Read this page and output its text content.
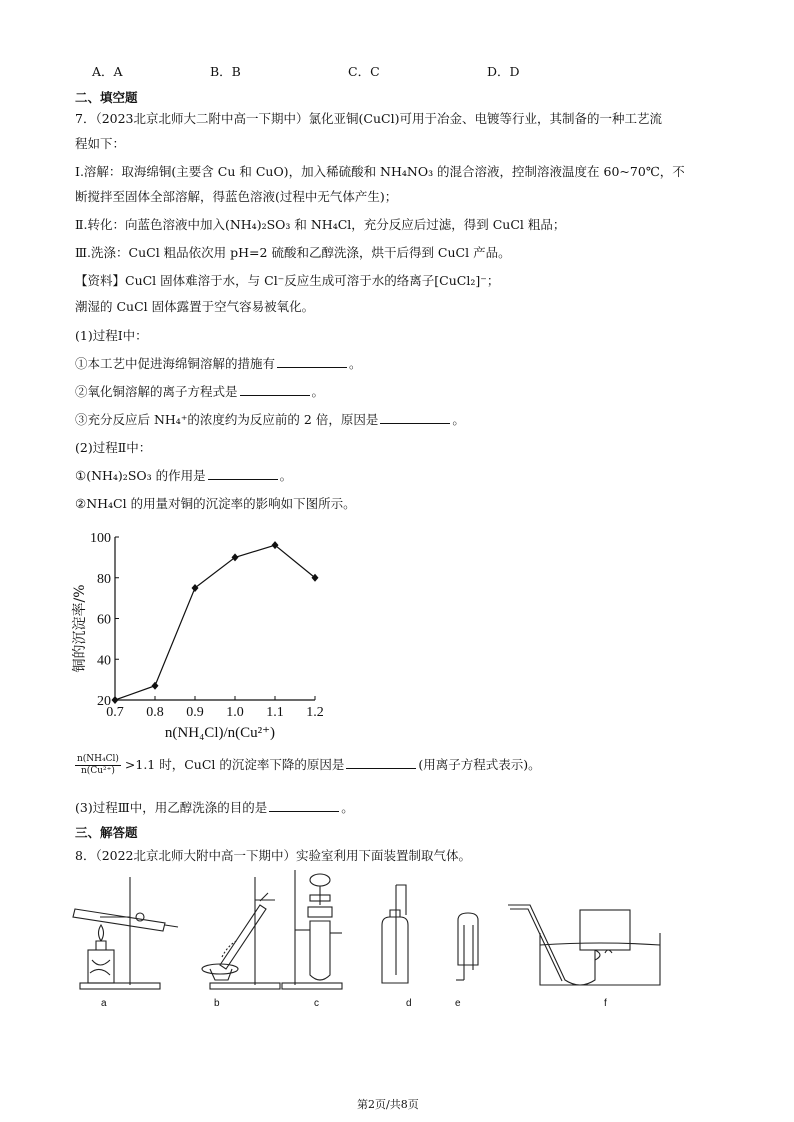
A．A	B．B	C．C	D．D
二、填空题
7．（2023北京北师大二附中高一下期中）氯化亚铜(CuCl)可用于冶金、电镀等行业，其制备的一种工艺流
程如下：
Ⅰ.溶解：取海绵铜(主要含 Cu 和 CuO)，加入稀硫酸和 NH₄NO₃ 的混合溶液，控制溶液温度在 60~70℃，不
断搅拌至固体全部溶解，得蓝色溶液(过程中无气体产生)；
Ⅱ.转化：向蓝色溶液中加入(NH₄)₂SO₃ 和 NH₄Cl，充分反应后过滤，得到 CuCl 粗品；
Ⅲ.洗涤：CuCl 粗品依次用 pH=2 硫酸和乙醇洗涤，烘干后得到 CuCl 产品。
【资料】CuCl 固体难溶于水，与 Cl⁻反应生成可溶于水的络离子[CuCl₂]⁻；
潮湿的 CuCl 固体露置于空气容易被氧化。
(1)过程Ⅰ中：
①本工艺中促进海绵铜溶解的措施有	。
②氧化铜溶解的离子方程式是	。
③充分反应后 NH₄⁺的浓度约为反应前的 2 倍，原因是	。
(2)过程Ⅱ中：
①(NH₄)₂SO₃ 的作用是	。
②NH₄Cl 的用量对铜的沉淀率的影响如下图所示。
0.7 0.8 0.9 1.0 1.1 1.2
20
40
60
80
100
铜的沉淀率/%
n(NH₄Cl)/n(Cu²⁺)
$\frac{\text{n(NH₄Cl)}}{\text{n(Cu²⁺)}} >1.1$ 时，CuCl 的沉淀率下降的原因是	(用离子方程式表示)。
(3)过程Ⅲ中，用乙醇洗涤的目的是	。
三、解答题
8．（2022北京北师大附中高一下期中）实验室利用下面装置制取气体。
a	b	c	d	e	f
第2页/共8页
